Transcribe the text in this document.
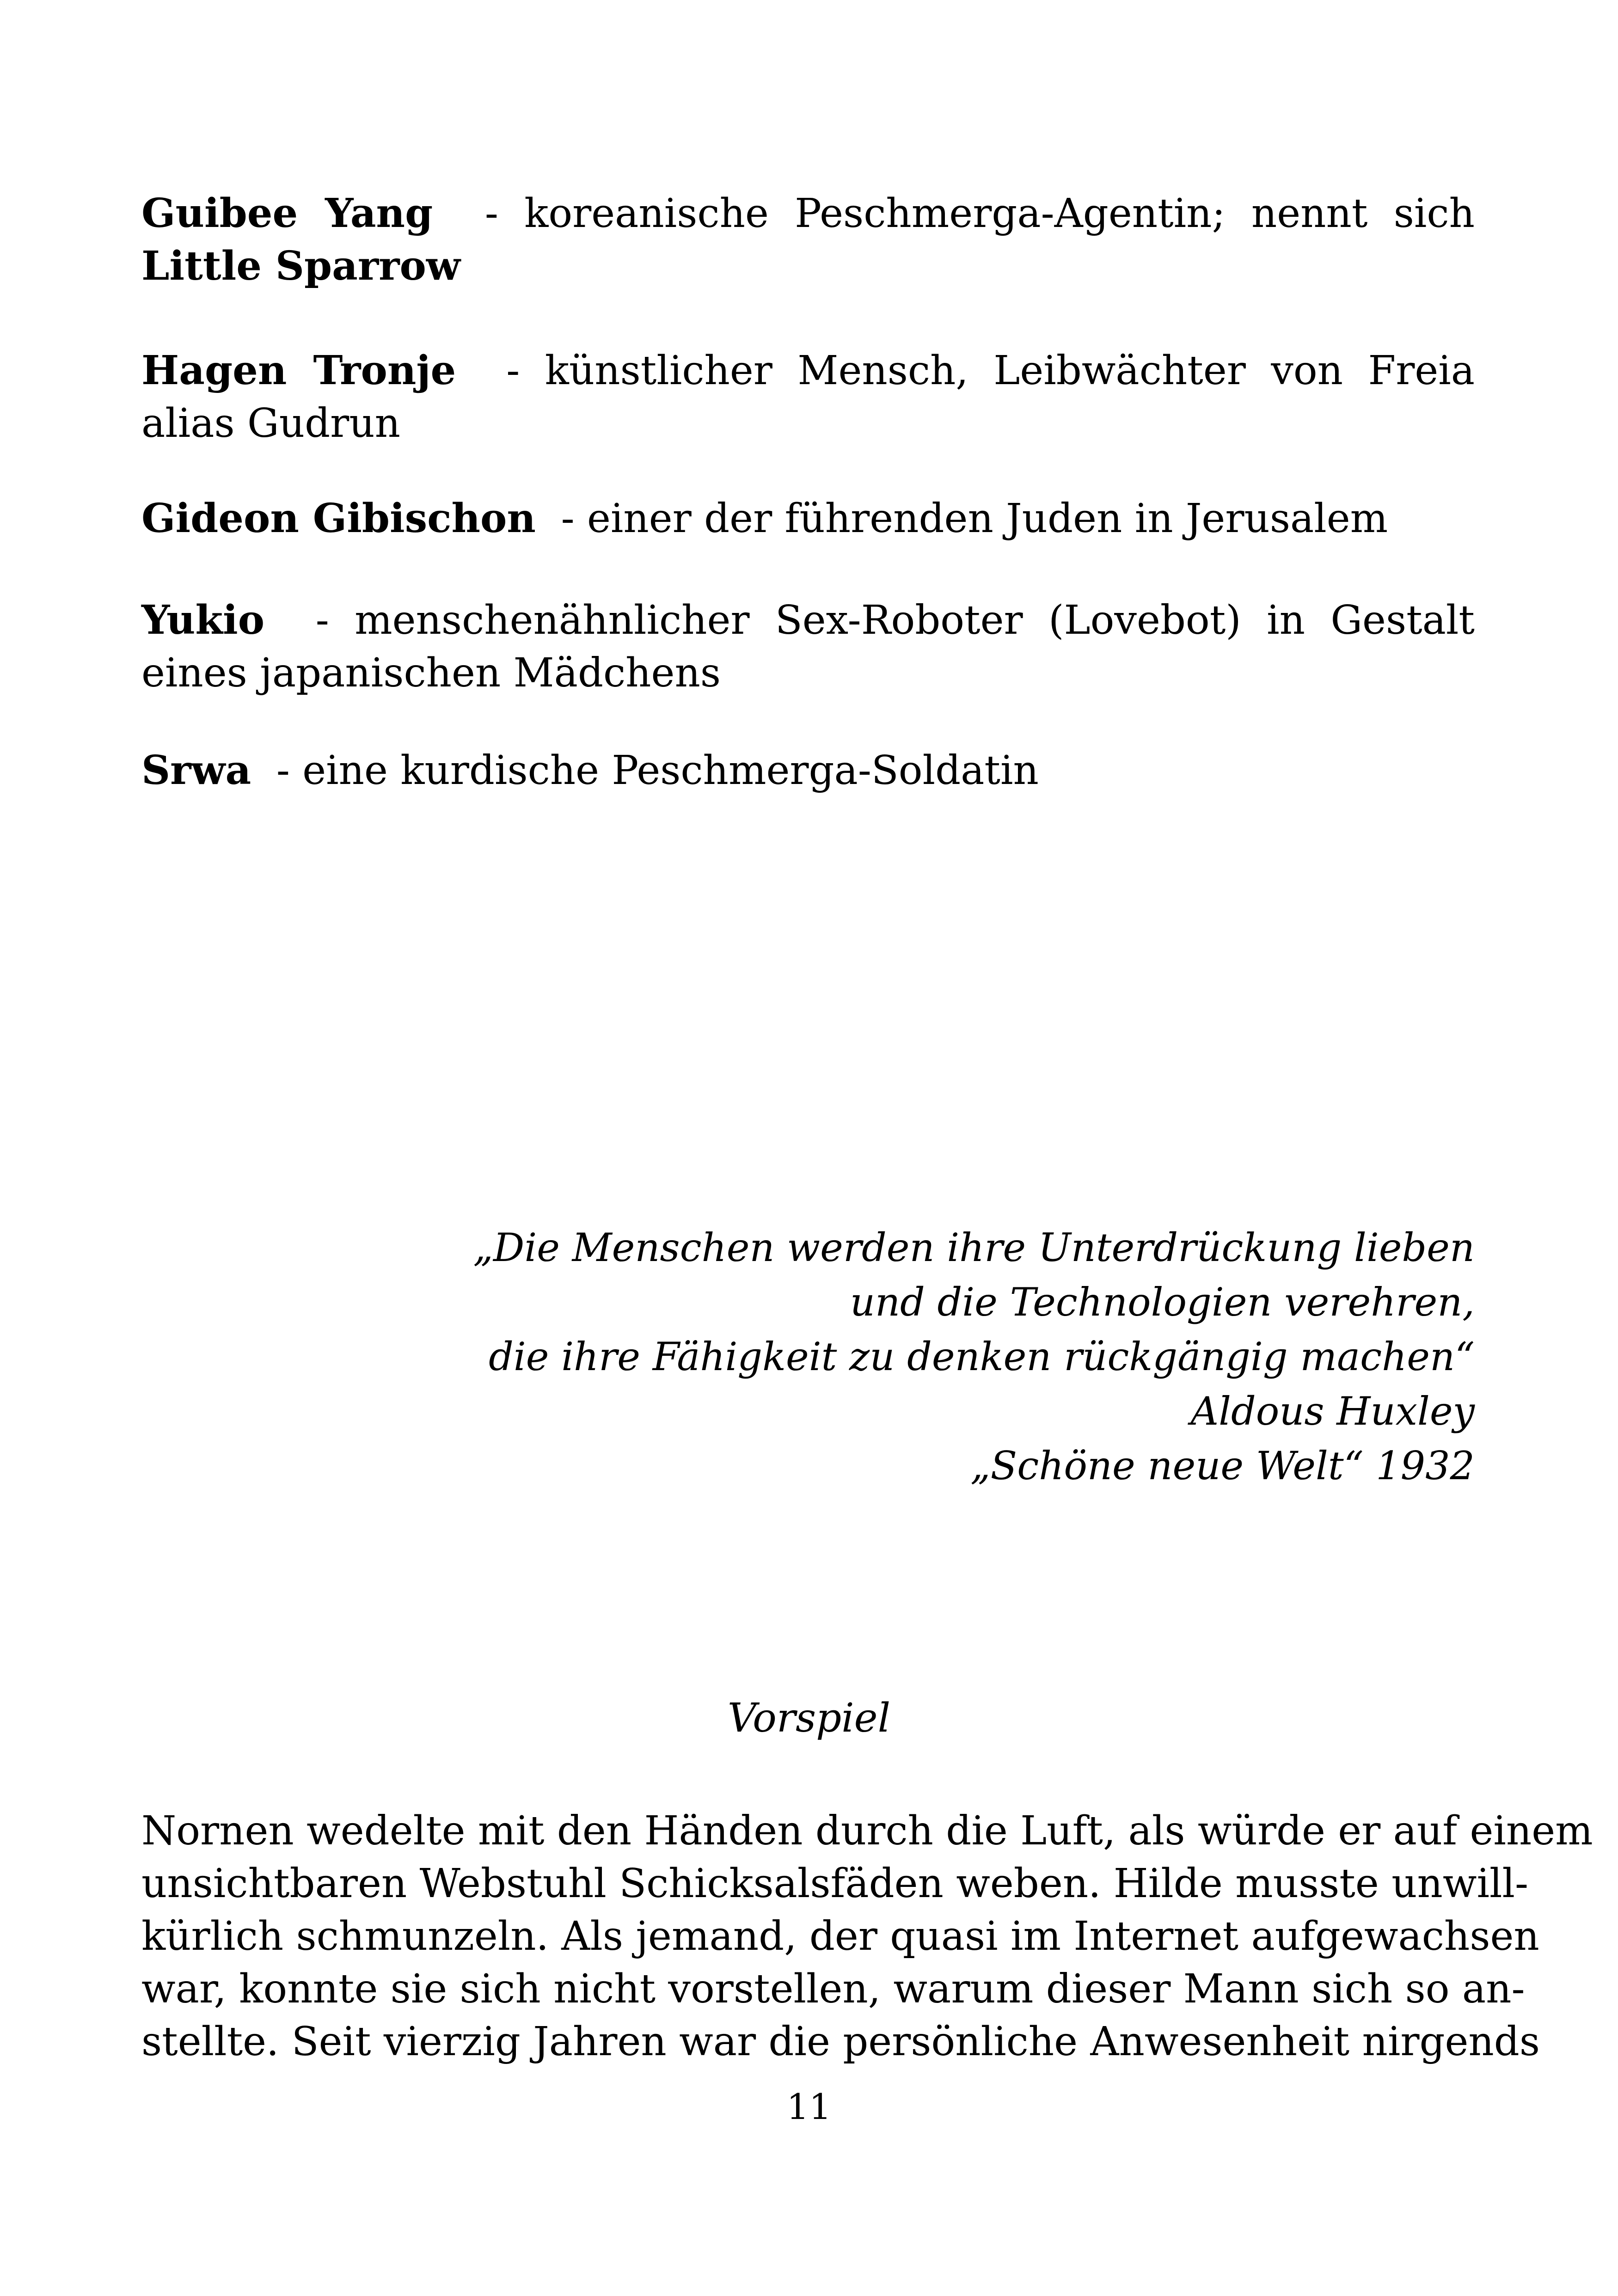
Guibee Yang - koreanische Peschmerga-Agentin; nennt sich Little Sparrow
Hagen Tronje - künstlicher Mensch, Leibwächter von Freia alias Gudrun
Gideon Gibischon - einer der führenden Juden in Jerusalem
Yukio - menschenähnlicher Sex-Roboter (Lovebot) in Gestalt eines japanischen Mädchens
Srwa - eine kurdische Peschmerga-Soldatin
„Die Menschen werden ihre Unterdrückung lieben
und die Technologien verehren,
die ihre Fähigkeit zu denken rückgängig machen“
Aldous Huxley
„Schöne neue Welt“ 1932
Vorspiel
Nornen wedelte mit den Händen durch die Luft, als würde er auf einem
unsichtbaren Webstuhl Schicksalsfäden weben. Hilde musste unwill-
kürlich schmunzeln. Als jemand, der quasi im Internet aufgewachsen
war, konnte sie sich nicht vorstellen, warum dieser Mann sich so an-
stellte. Seit vierzig Jahren war die persönliche Anwesenheit nirgends
11
